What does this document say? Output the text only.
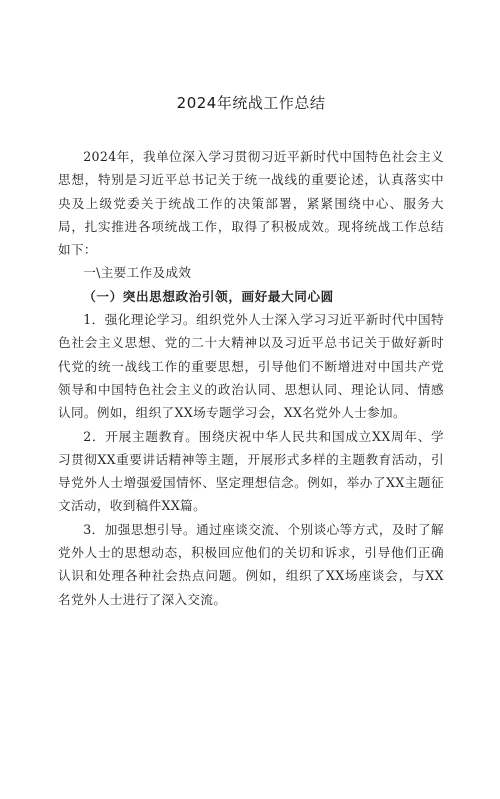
2024年统战工作总结

2024年，我单位深入学习贯彻习近平新时代中国特色社会主义思想，特别是习近平总书记关于统一战线的重要论述，认真落实中央及上级党委关于统战工作的决策部署，紧紧围绕中心、服务大局，扎实推进各项统战工作，取得了积极成效。现将统战工作总结如下：

一\主要工作及成效

（一）突出思想政治引领，画好最大同心圆

1．强化理论学习。组织党外人士深入学习习近平新时代中国特色社会主义思想、党的二十大精神以及习近平总书记关于做好新时代党的统一战线工作的重要思想，引导他们不断增进对中国共产党领导和中国特色社会主义的政治认同、思想认同、理论认同、情感认同。例如，组织了XX场专题学习会，XX名党外人士参加。

2．开展主题教育。围绕庆祝中华人民共和国成立XX周年、学习贯彻XX重要讲话精神等主题，开展形式多样的主题教育活动，引导党外人士增强爱国情怀、坚定理想信念。例如，举办了XX主题征文活动，收到稿件XX篇。

3．加强思想引导。通过座谈交流、个别谈心等方式，及时了解党外人士的思想动态，积极回应他们的关切和诉求，引导他们正确认识和处理各种社会热点问题。例如，组织了XX场座谈会，与XX名党外人士进行了深入交流。
